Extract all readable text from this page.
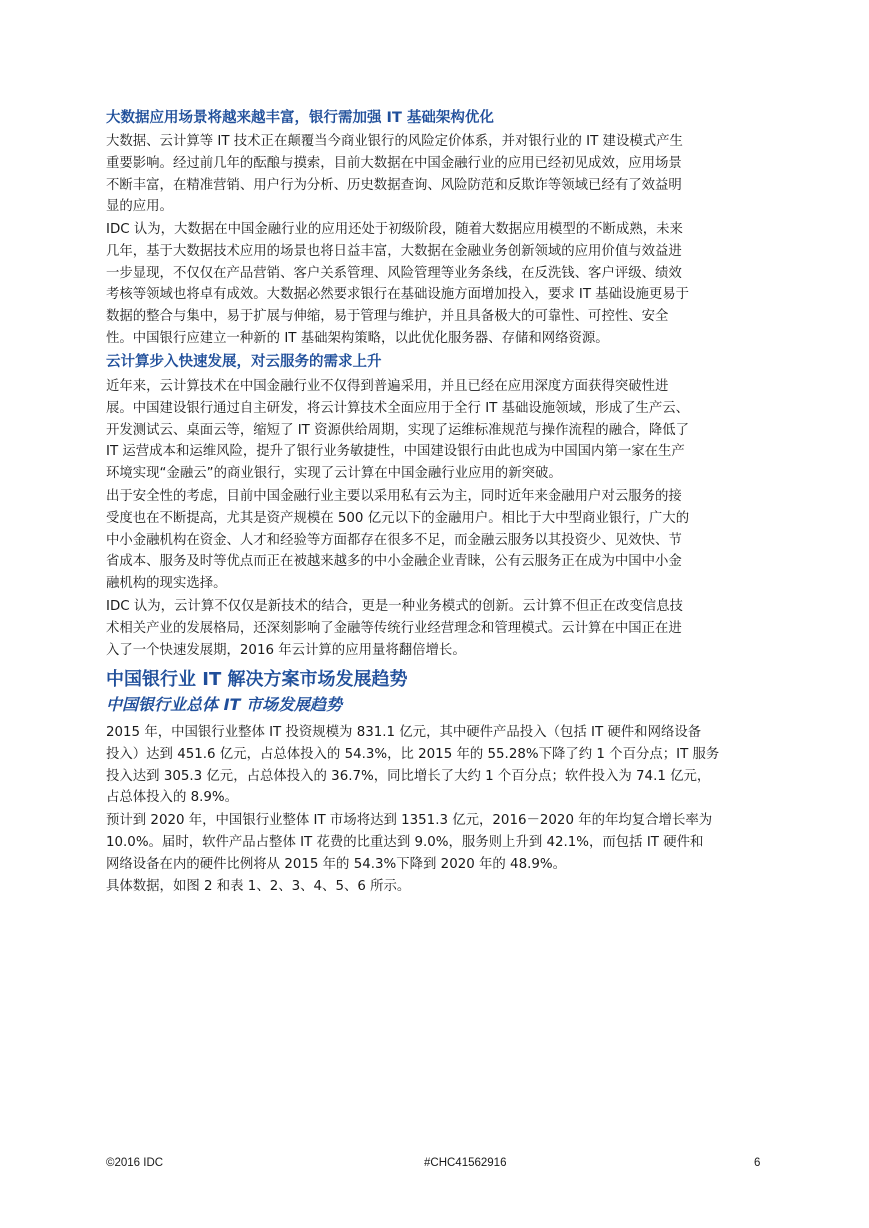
大数据应用场景将越来越丰富，银行需加强 IT 基础架构优化
大数据、云计算等 IT 技术正在颠覆当今商业银行的风险定价体系，并对银行业的 IT 建设模式产生
重要影响。经过前几年的酝酿与摸索，目前大数据在中国金融行业的应用已经初见成效，应用场景
不断丰富，在精准营销、用户行为分析、历史数据查询、风险防范和反欺诈等领域已经有了效益明
显的应用。
IDC 认为，大数据在中国金融行业的应用还处于初级阶段，随着大数据应用模型的不断成熟，未来
几年，基于大数据技术应用的场景也将日益丰富，大数据在金融业务创新领域的应用价值与效益进
一步显现，不仅仅在产品营销、客户关系管理、风险管理等业务条线，在反洗钱、客户评级、绩效
考核等领域也将卓有成效。大数据必然要求银行在基础设施方面增加投入，要求 IT 基础设施更易于
数据的整合与集中，易于扩展与伸缩，易于管理与维护，并且具备极大的可靠性、可控性、安全
性。中国银行应建立一种新的 IT 基础架构策略，以此优化服务器、存储和网络资源。
云计算步入快速发展，对云服务的需求上升
近年来，云计算技术在中国金融行业不仅得到普遍采用，并且已经在应用深度方面获得突破性进
展。中国建设银行通过自主研发，将云计算技术全面应用于全行 IT 基础设施领域，形成了生产云、
开发测试云、桌面云等，缩短了 IT 资源供给周期，实现了运维标准规范与操作流程的融合，降低了
IT 运营成本和运维风险，提升了银行业务敏捷性，中国建设银行由此也成为中国国内第一家在生产
环境实现“金融云”的商业银行，实现了云计算在中国金融行业应用的新突破。
出于安全性的考虑，目前中国金融行业主要以采用私有云为主，同时近年来金融用户对云服务的接
受度也在不断提高，尤其是资产规模在 500 亿元以下的金融用户。相比于大中型商业银行，广大的
中小金融机构在资金、人才和经验等方面都存在很多不足，而金融云服务以其投资少、见效快、节
省成本、服务及时等优点而正在被越来越多的中小金融企业青睐，公有云服务正在成为中国中小金
融机构的现实选择。
IDC 认为，云计算不仅仅是新技术的结合，更是一种业务模式的创新。云计算不但正在改变信息技
术相关产业的发展格局，还深刻影响了金融等传统行业经营理念和管理模式。云计算在中国正在进
入了一个快速发展期，2016 年云计算的应用量将翻倍增长。
中国银行业 IT 解决方案市场发展趋势
中国银行业总体 IT 市场发展趋势
2015 年，中国银行业整体 IT 投资规模为 831.1 亿元，其中硬件产品投入（包括 IT 硬件和网络设备
投入）达到 451.6 亿元，占总体投入的 54.3%，比 2015 年的 55.28%下降了约 1 个百分点；IT 服务
投入达到 305.3 亿元，占总体投入的 36.7%，同比增长了大约 1 个百分点；软件投入为 74.1 亿元，
占总体投入的 8.9%。
预计到 2020 年，中国银行业整体 IT 市场将达到 1351.3 亿元，2016－2020 年的年均复合增长率为
10.0%。届时，软件产品占整体 IT 花费的比重达到 9.0%，服务则上升到 42.1%，而包括 IT 硬件和
网络设备在内的硬件比例将从 2015 年的 54.3%下降到 2020 年的 48.9%。
具体数据，如图 2 和表 1、2、3、4、5、6 所示。
©2016 IDC	#CHC41562916	6
